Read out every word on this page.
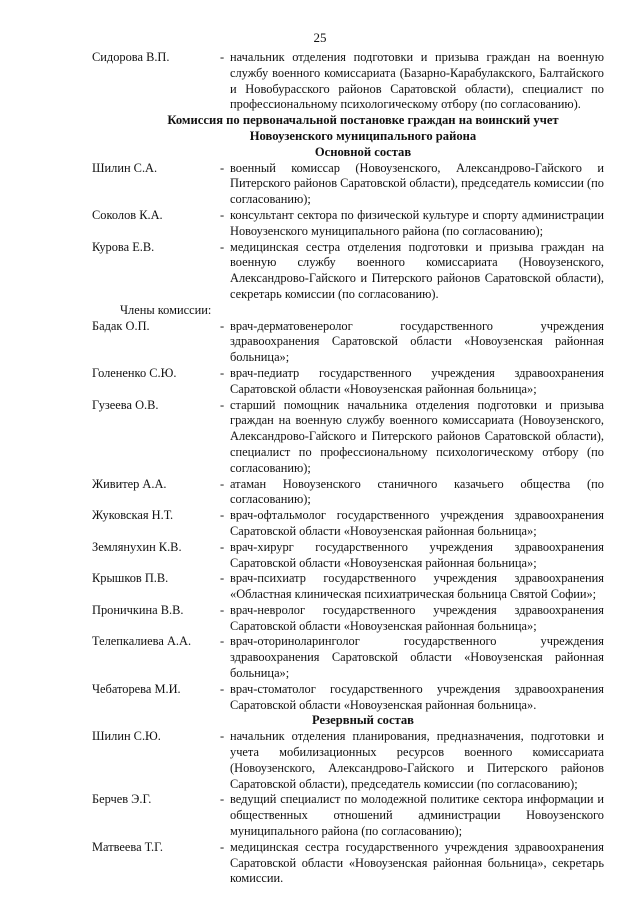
25
Сидорова В.П.	- начальник отделения подготовки и призыва граждан на военную службу военного комиссариата (Базарно-Карабулакского, Балтайского и Новобурасского районов Саратовской области), специалист по профессиональному психологическому отбору (по согласованию).
Комиссия по первоначальной постановке граждан на воинский учет
Новоузенского муниципального района
Основной состав
Шилин С.А.	- военный комиссар (Новоузенского, Александрово-Гайского и Питерского районов Саратовской области), председатель комиссии (по согласованию);
Соколов К.А.	- консультант сектора по физической культуре и спорту администрации Новоузенского муниципального района (по согласованию);
Курова Е.В.	- медицинская сестра отделения подготовки и призыва граждан на военную службу военного комиссариата (Новоузенского, Александрово-Гайского и Питерского районов Саратовской области), секретарь комиссии (по согласованию).
Члены комиссии:
Бадак О.П.	- врач-дерматовенеролог государственного учреждения здравоохранения Саратовской области «Новоузенская районная больница»;
Голененко С.Ю.	- врач-педиатр государственного учреждения здравоохранения Саратовской области «Новоузенская районная больница»;
Гузеева О.В.	- старший помощник начальника отделения подготовки и призыва граждан на военную службу военного комиссариата (Новоузенского, Александрово-Гайского и Питерского районов Саратовской области), специалист по профессиональному психологическому отбору (по согласованию);
Живитер А.А.	- атаман Новоузенского станичного казачьего общества (по согласованию);
Жуковская Н.Т.	- врач-офтальмолог государственного учреждения здравоохранения Саратовской области «Новоузенская районная больница»;
Землянухин К.В.	- врач-хирург государственного учреждения здравоохранения Саратовской области «Новоузенская районная больница»;
Крышков П.В.	- врач-психиатр государственного учреждения здравоохранения «Областная клиническая психиатрическая больница Святой Софии»;
Проничкина В.В.	- врач-невролог государственного учреждения здравоохранения Саратовской области «Новоузенская районная больница»;
Телепкалиева А.А.	- врач-оториноларинголог государственного учреждения здравоохранения Саратовской области «Новоузенская районная больница»;
Чебаторева М.И.	- врач-стоматолог государственного учреждения здравоохранения Саратовской области «Новоузенская районная больница».
Резервный состав
Шилин С.Ю.	- начальник отделения планирования, предназначения, подготовки и учета мобилизационных ресурсов военного комиссариата (Новоузенского, Александрово-Гайского и Питерского районов Саратовской области), председатель комиссии (по согласованию);
Берчев Э.Г.	- ведущий специалист по молодежной политике сектора информации и общественных отношений администрации Новоузенского муниципального района (по согласованию);
Матвеева Т.Г.	- медицинская сестра государственного учреждения здравоохранения Саратовской области «Новоузенская районная больница», секретарь комиссии.
